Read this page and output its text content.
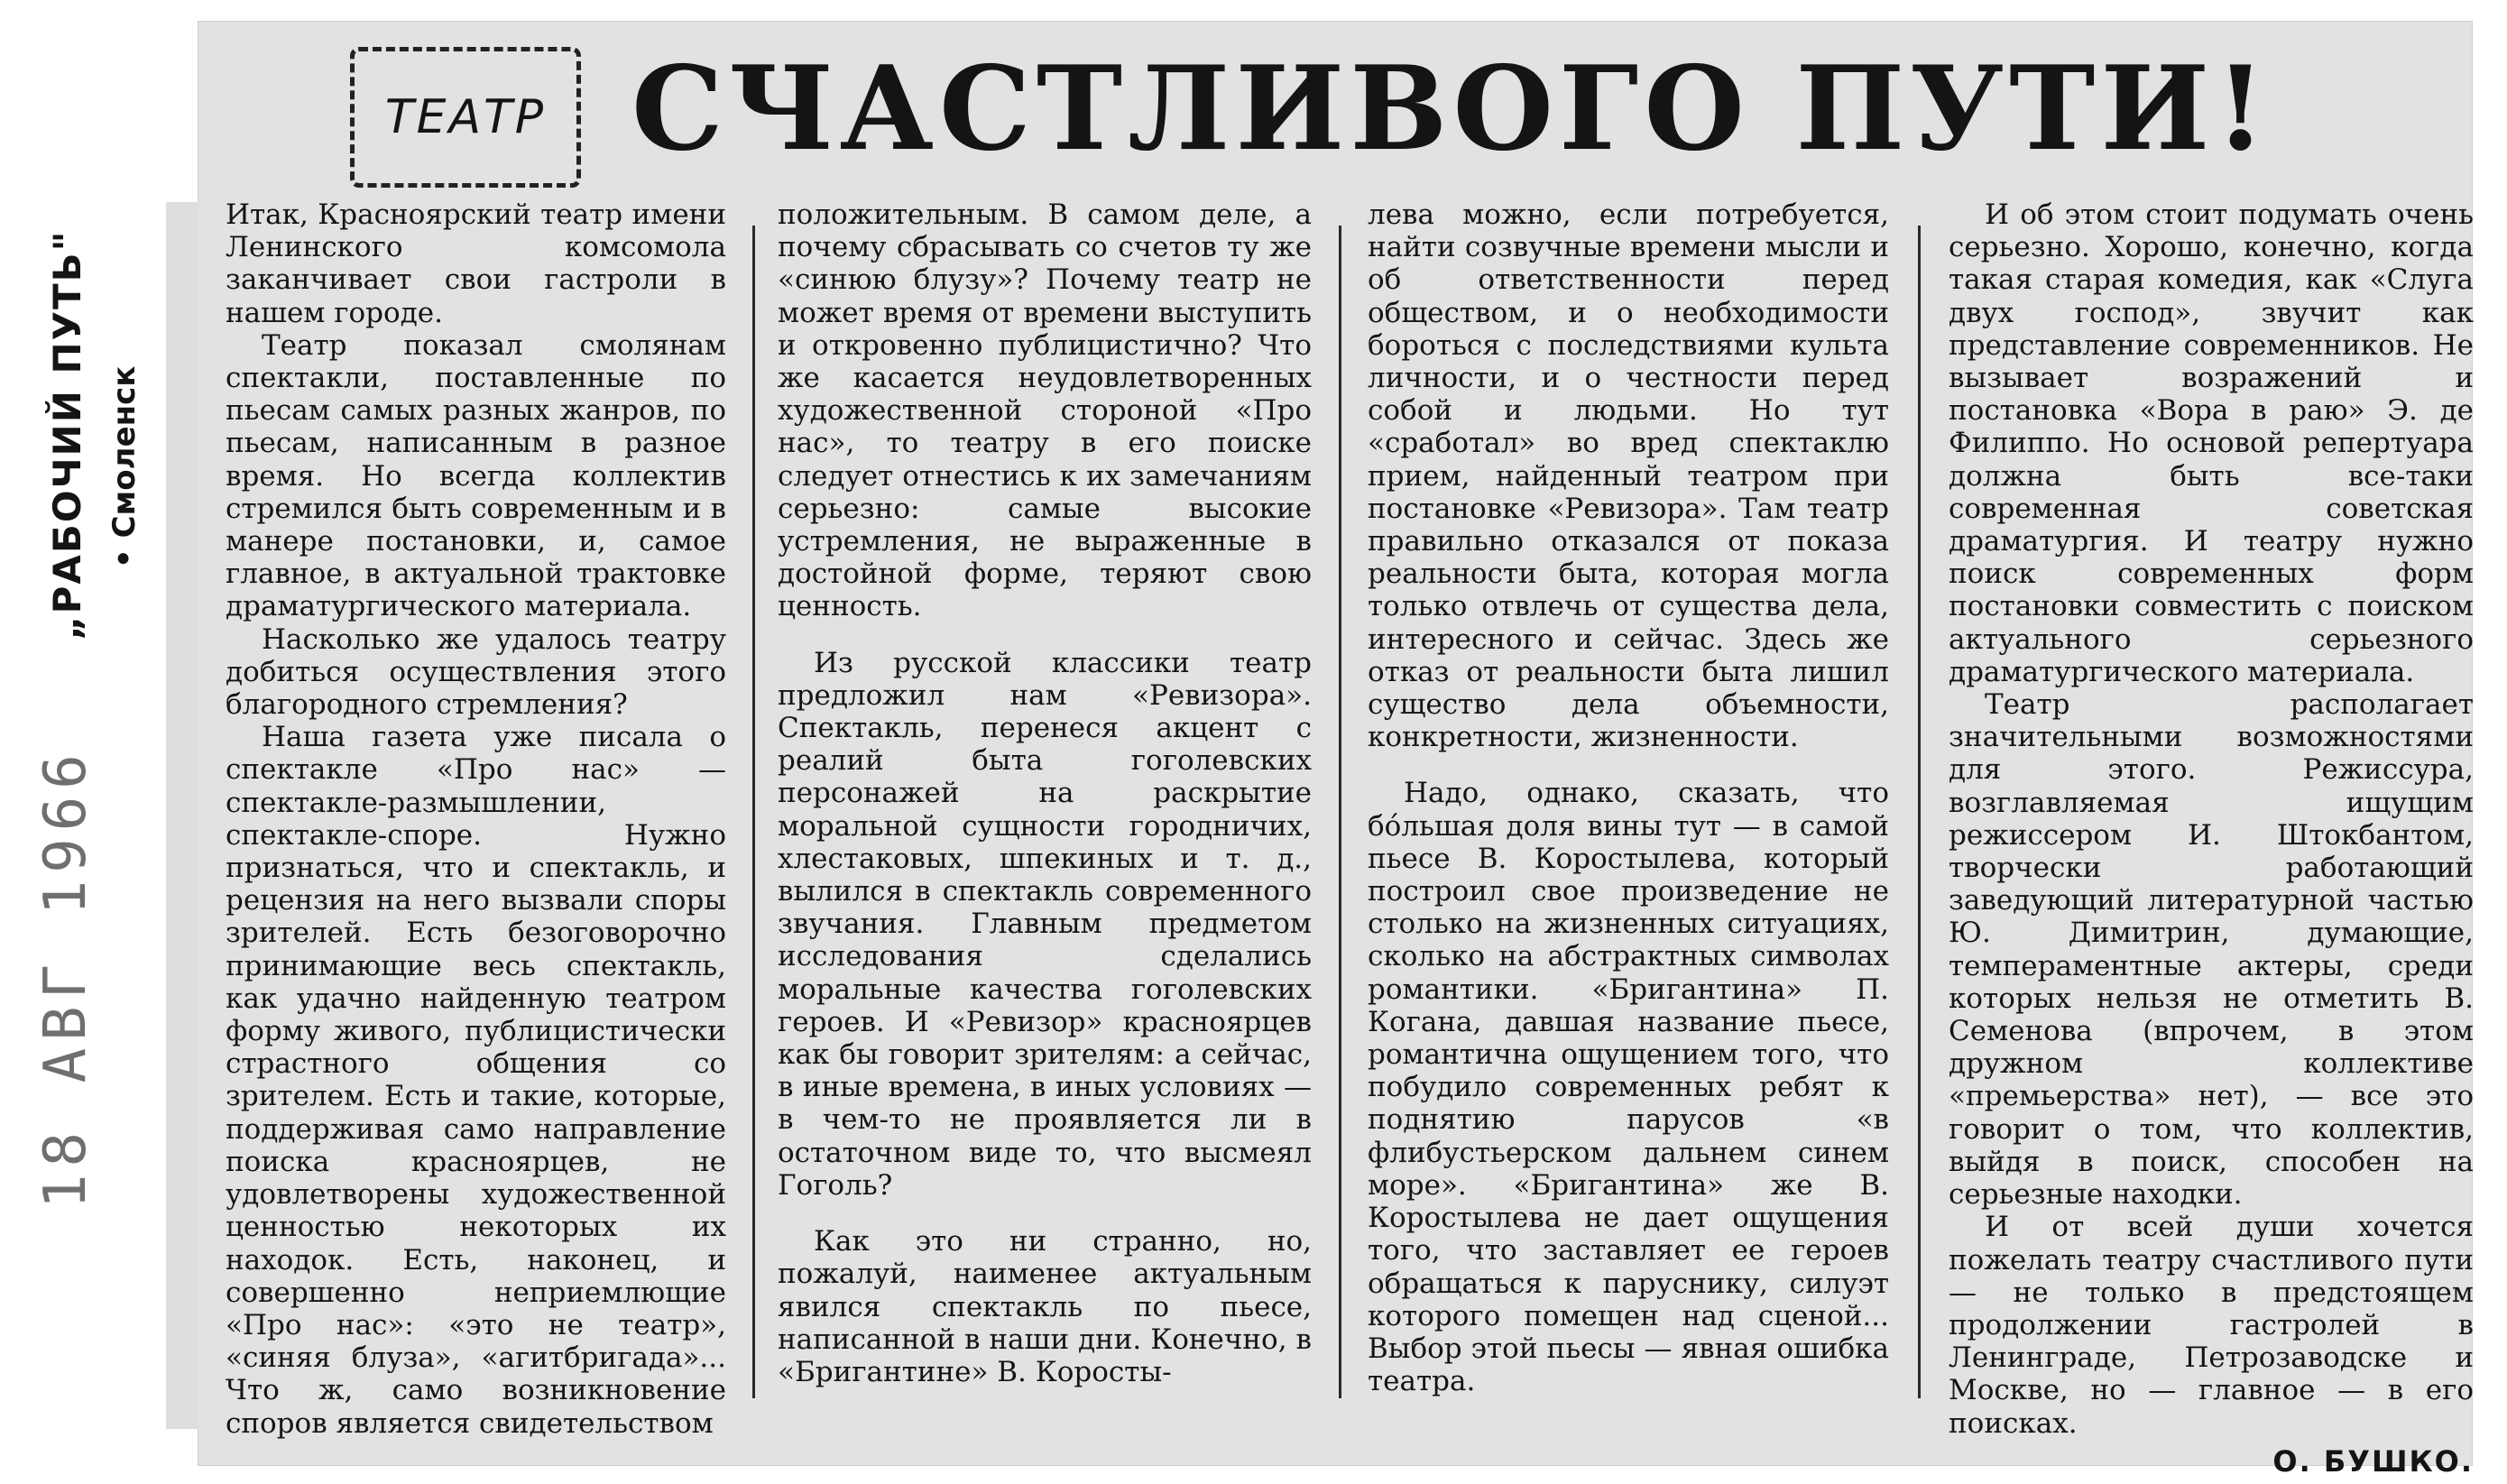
„РАБОЧИЙ ПУТЬ" • Смоленск
18 АВГ 1966
ТЕАТР СЧАСТЛИВОГО ПУТИ!

Итак, Красноярский театр имени Ленинского комсомола заканчивает свои гастроли в нашем городе.

Театр показал смолянам спектакли, поставленные по пьесам самых разных жанров, по пьесам, написанным в разное время. Но всегда коллектив стремился быть современным и в манере постановки, и, самое главное, в актуальной трактовке драматургического материала.

Насколько же удалось театру добиться осуществления этого благородного стремления?

Наша газета уже писала о спектакле «Про нас» — спектакле-размышлении, спектакле-споре. Нужно признаться, что и спектакль, и рецензия на него вызвали споры зрителей. Есть безоговорочно принимающие весь спектакль, как удачно найденную театром форму живого, публицистически страстного общения со зрителем. Есть и такие, которые, поддерживая само направление поиска красноярцев, не удовлетворены художественной ценностью некоторых их находок. Есть, наконец, и совершенно неприемлющие «Про нас»: «это не театр», «синяя блуза», «агитбригада»... Что ж, само возникновение споров является свидетельством

положительным. В самом деле, а почему сбрасывать со счетов ту же «синюю блузу»? Почему театр не может время от времени выступить и откровенно публицистично? Что же касается неудовлетворенных художественной стороной «Про нас», то театру в его поиске следует отнестись к их замечаниям серьезно: самые высокие устремления, не выраженные в достойной форме, теряют свою ценность.

Из русской классики театр предложил нам «Ревизора». Спектакль, перенеся акцент с реалий быта гоголевских персонажей на раскрытие моральной сущности городничих, хлестаковых, шпекиных и т. д., вылился в спектакль современного звучания. Главным предметом исследования сделались моральные качества гоголевских героев. И «Ревизор» красноярцев как бы говорит зрителям: а сейчас, в иные времена, в иных условиях — в чем-то не проявляется ли в остаточном виде то, что высмеял Гоголь?

Как это ни странно, но, пожалуй, наименее актуальным явился спектакль по пьесе, написанной в наши дни. Конечно, в «Бригантине» В. Коросты-

лева можно, если потребуется, найти созвучные времени мысли и об ответственности перед обществом, и о необходимости бороться с последствиями культа личности, и о честности перед собой и людьми. Но тут «сработал» во вред спектаклю прием, найденный театром при постановке «Ревизора». Там театр правильно отказался от показа реальности быта, которая могла только отвлечь от существа дела, интересного и сейчас. Здесь же отказ от реальности быта лишил существо дела объемности, конкретности, жизненности.

Надо, однако, сказать, что бо́льшая доля вины тут — в самой пьесе В. Коростылева, который построил свое произведение не столько на жизненных ситуациях, сколько на абстрактных символах романтики. «Бригантина» П. Когана, давшая название пьесе, романтична ощущением того, что побудило современных ребят к поднятию парусов «в флибустьерском дальнем синем море». «Бригантина» же В. Коростылева не дает ощущения того, что заставляет ее героев обращаться к паруснику, силуэт которого помещен над сценой... Выбор этой пьесы — явная ошибка театра.

И об этом стоит подумать очень серьезно. Хорошо, конечно, когда такая старая комедия, как «Слуга двух господ», звучит как представление современников. Не вызывает возражений и постановка «Вора в раю» Э. де Филиппо. Но основой репертуара должна быть все-таки современная советская драматургия. И театру нужно поиск современных форм постановки совместить с поиском актуального серьезного драматургического материала.

Театр располагает значительными возможностями для этого. Режиссура, возглавляемая ищущим режиссером И. Штокбантом, творчески работающий заведующий литературной частью Ю. Димитрин, думающие, темпераментные актеры, среди которых нельзя не отметить В. Семенова (впрочем, в этом дружном коллективе «премьерства» нет), — все это говорит о том, что коллектив, выйдя в поиск, способен на серьезные находки.

И от всей души хочется пожелать театру счастливого пути — не только в предстоящем продолжении гастролей в Ленинграде, Петрозаводске и Москве, но — главное — в его поисках.

О. БУШКО.
